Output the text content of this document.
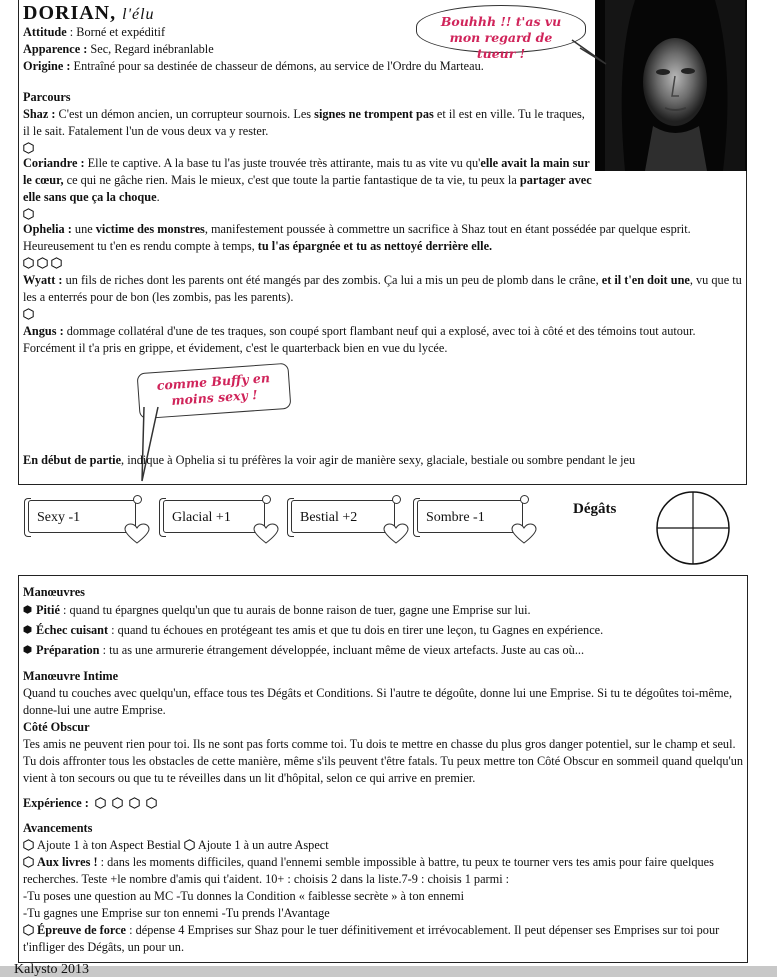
DORIAN, l'élu	Bouhhh !! t'as vu mon regard de tueur !

Attitude : Borné et expéditif

Apparence : Sec, Regard inébranlable

Origine : Entraîné pour sa destinée de chasseur de démons, au service de l'Ordre du Marteau.

Parcours

Shaz : C'est un démon ancien, un corrupteur sournois. Les signes ne trompent pas et il est en ville. Tu le traques, il le sait. Fatalement l'un de vous deux va y rester.

Coriandre : Elle te captive. A la base tu l'as juste trouvée très attirante, mais tu as vite vu qu'elle avait la main sur le cœur, ce qui ne gâche rien. Mais le mieux, c'est que toute la partie fantastique de ta vie, tu peux la partager avec elle sans que ça la choque.

Ophelia : une victime des monstres, manifestement poussée à commettre un sacrifice à Shaz tout en étant possédée par quelque esprit. Heureusement tu t'en es rendu compte à temps, tu l'as épargnée et tu as nettoyé derrière elle.

Wyatt : un fils de riches dont les parents ont été mangés par des zombis. Ça lui a mis un peu de plomb dans le crâne, et il t'en doit une, vu que tu les a enterrés pour de bon (les zombis, pas les parents).

Angus : dommage collatéral d'une de tes traques, son coupé sport flambant neuf qui a explosé, avec toi à côté et des témoins tout autour. Forcément il t'a pris en grippe, et évidement, c'est le quarterback bien en vue du lycée.

comme Buffy en moins sexy !

En début de partie, indique à Ophelia si tu préfères la voir agir de manière sexy, glaciale, bestiale ou sombre pendant le jeu

Sexy -1	Glacial +1	Bestial +2	Sombre -1
Dégâts

Manœuvres

Pitié : quand tu épargnes quelqu'un que tu aurais de bonne raison de tuer, gagne une Emprise sur lui.

Échec cuisant : quand tu échoues en protégeant tes amis et que tu dois en tirer une leçon, tu Gagnes en expérience.

Préparation : tu as une armurerie étrangement développée, incluant même de vieux artefacts. Juste au cas où...

Manœuvre Intime

Quand tu couches avec quelqu'un, efface tous tes Dégâts et Conditions. Si l'autre te dégoûte, donne lui une Emprise. Si tu te dégoûtes toi-même, donne-lui une autre Emprise.

Côté Obscur

Tes amis ne peuvent rien pour toi. Ils ne sont pas forts comme toi. Tu dois te mettre en chasse du plus gros danger potentiel, sur le champ et seul. Tu dois affronter tous les obstacles de cette manière, même s'ils peuvent t'être fatals. Tu peux mettre ton Côté Obscur en sommeil quand quelqu'un vient à ton secours ou que tu te réveilles dans un lit d'hôpital, selon ce qui arrive en premier.

Expérience :

Avancements

Ajoute 1 à ton Aspect Bestial Ajoute 1 à un autre Aspect

Aux livres ! : dans les moments difficiles, quand l'ennemi semble impossible à battre, tu peux te tourner vers tes amis pour faire quelques recherches. Teste +le nombre d'amis qui t'aident. 10+ : choisis 2 dans la liste.7-9 : choisis 1 parmi :

-Tu poses une question au MC -Tu donnes la Condition « faiblesse secrète » à ton ennemi

-Tu gagnes une Emprise sur ton ennemi -Tu prends l'Avantage

Épreuve de force : dépense 4 Emprises sur Shaz pour le tuer définitivement et irrévocablement. Il peut dépenser ses Emprises sur toi pour t'infliger des Dégâts, un pour un.

Kalysto 2013
